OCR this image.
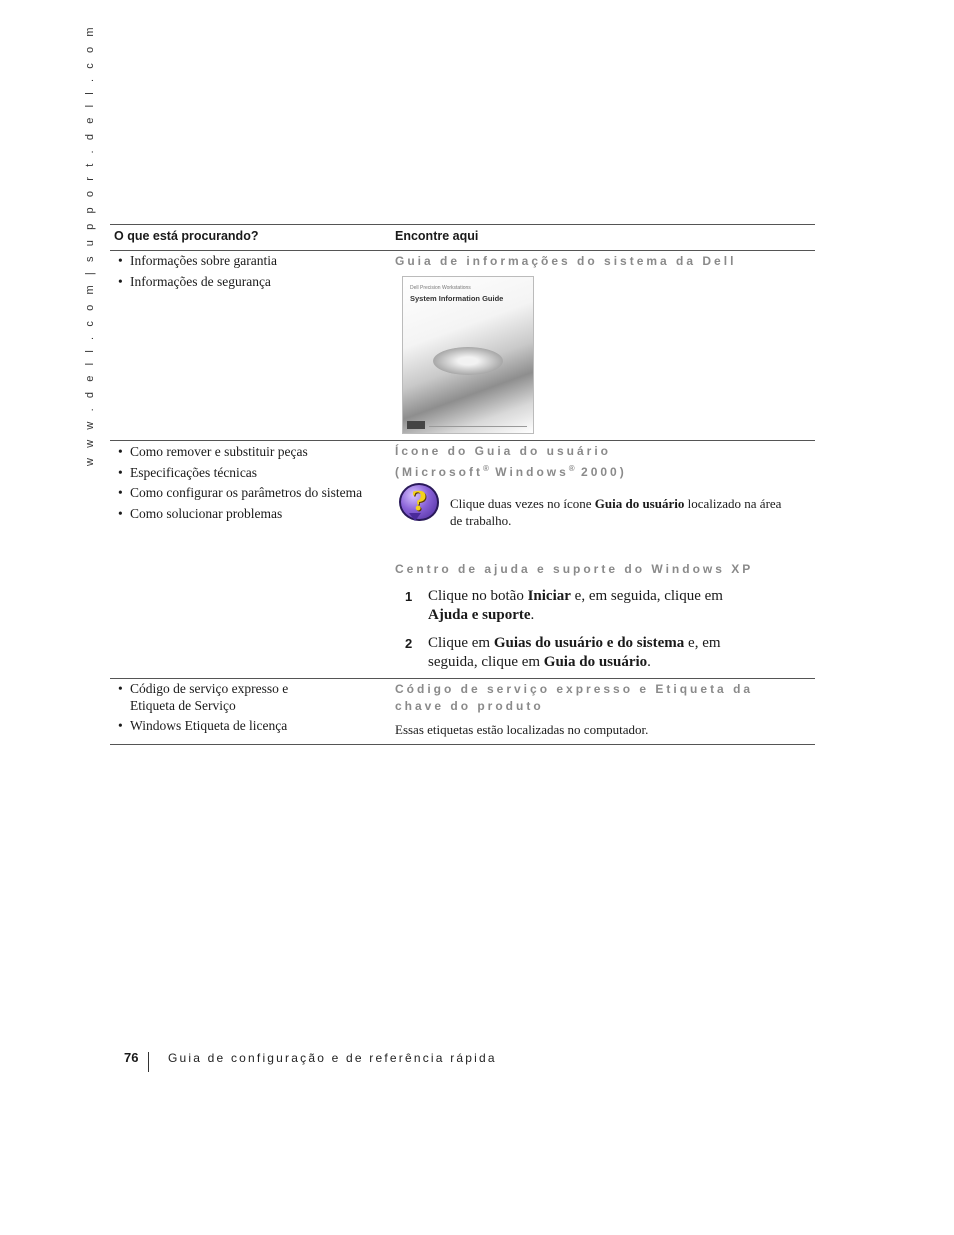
w w w . d e l l . c o m | s u p p o r t . d e l l . c o m O que está procurando?	Encontre aqui
• Informações sobre garantia
• Informações de segurança
Guia de informações do sistema da Dell
Dell Precision Workstations
System Information Guide
• Como remover e substituir peças
• Especificações técnicas
• Como configurar os parâmetros do sistema
• Como solucionar problemas
Ícone do Guia do usuário
(Microsoft® Windows® 2000)
?	Clique duas vezes no ícone Guia do usuário localizado na área de trabalho.
Centro de ajuda e suporte do Windows XP
1 Clique no botão Iniciar e, em seguida, clique em Ajuda e suporte.
2 Clique em Guias do usuário e do sistema e, em seguida, clique em Guia do usuário.
• Código de serviço expresso e Etiqueta de Serviço
• Windows Etiqueta de licença
Código de serviço expresso e Etiqueta da chave do produto
Essas etiquetas estão localizadas no computador.
76 Guia de configuração e de referência rápida
